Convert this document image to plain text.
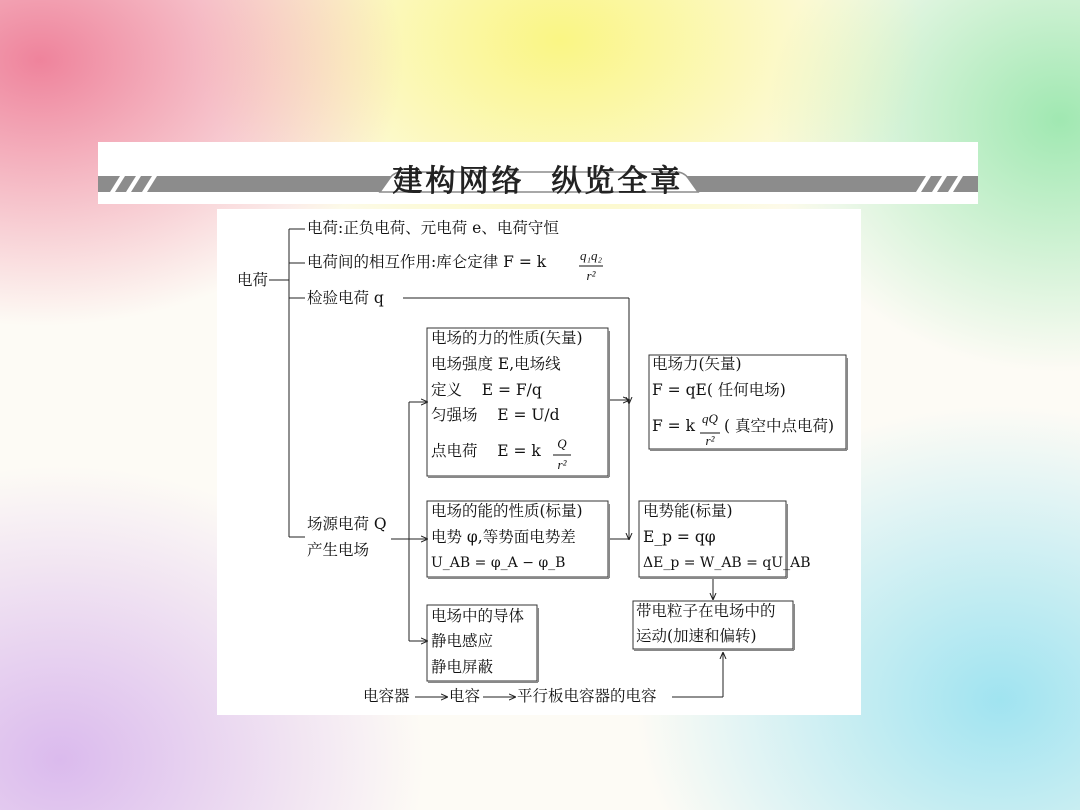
建构网络  纵览全章
电荷
电荷:正负电荷、元电荷 e、电荷守恒
电荷间的相互作用:库仑定律 F = k	q₁q₂
r²
检验电荷 q
场源电荷 Q
产生电场
电场的力的性质(矢量)
电场强度 E,电场线
定义    E = F/q
匀强场    E = U/d
点电荷    E = k	Q
r²
电场力(矢量)
F = qE( 任何电场)
F = k qQ
r²
( 真空中点电荷)
电场的能的性质(标量)
电势 φ,等势面电势差
U_AB = φ_A − φ_B
电势能(标量)
E_p = qφ
ΔE_p = W_AB = qU_AB
电场中的导体
静电感应
静电屏蔽
带电粒子在电场中的
运动(加速和偏转)
电容器	电容 平行板电容器的电容
